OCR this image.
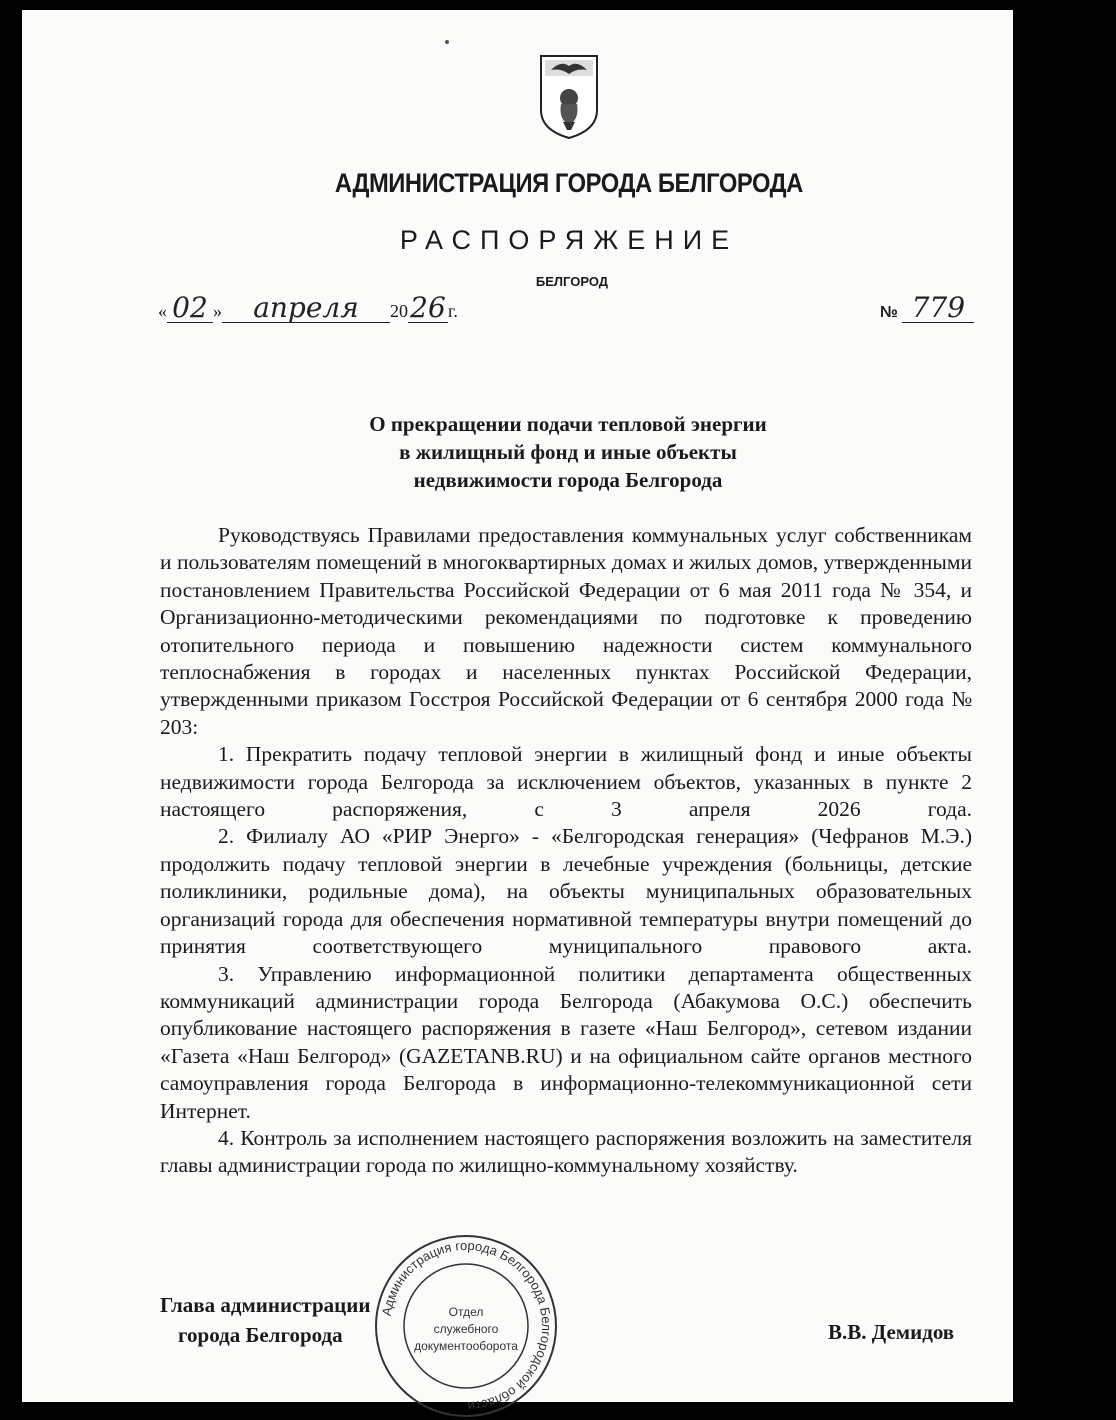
АДМИНИСТРАЦИЯ ГОРОДА БЕЛГОРОДА
РАСПОРЯЖЕНИЕ
БЕЛГОРОД
« 02 » апреля 2026 г.	№ 779
О прекращении подачи тепловой энергии
в жилищный фонд и иные объекты
недвижимости города Белгорода

Руководствуясь Правилами предоставления коммунальных услуг собственникам и пользователям помещений в многоквартирных домах и жилых домов, утвержденными постановлением Правительства Российской Федерации от 6 мая 2011 года № 354, и Организационно-методическими рекомендациями по подготовке к проведению отопительного периода и повышению надежности систем коммунального теплоснабжения в городах и населенных пунктах Российской Федерации, утвержденными приказом Госстроя Российской Федерации от 6 сентября 2000 года № 203:

1. Прекратить подачу тепловой энергии в жилищный фонд и иные объекты недвижимости города Белгорода за исключением объектов, указанных в пункте 2 настоящего распоряжения, с 3 апреля 2026 года.

2. Филиалу АО «РИР Энерго» - «Белгородская генерация» (Чефранов М.Э.) продолжить подачу тепловой энергии в лечебные учреждения (больницы, детские поликлиники, родильные дома), на объекты муниципальных образовательных организаций города для обеспечения нормативной температуры внутри помещений до принятия соответствующего муниципального правового акта.

3. Управлению информационной политики департамента общественных коммуникаций администрации города Белгорода (Абакумова О.С.) обеспечить опубликование настоящего распоряжения в газете «Наш Белгород», сетевом издании «Газета «Наш Белгород» (GAZETANB.RU) и на официальном сайте органов местного самоуправления города Белгорода в информационно-телекоммуникационной сети Интернет.

4. Контроль за исполнением настоящего распоряжения возложить на заместителя главы администрации города по жилищно-коммунальному хозяйству.

Глава администрации
города Белгорода	В.В. Демидов
Администрация города Белгорода Белгородской области
Отдел
служебного
документооборота
